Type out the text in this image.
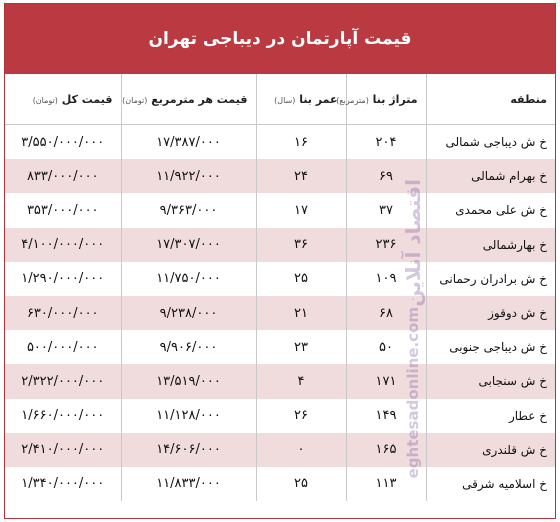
قیمت آپارتمان در دیباجی تهران
منطقه	متراژ بنا (مترمربع)	عمر بنا (سال)	قیمت هر مترمربع (تومان)	قیمت کل (تومان)
خ ش دیباجی شمالی	۲۰۴	۱۶	۱۷/۳۸۷/۰۰۰	۳/۵۵۰/۰۰۰/۰۰۰
خ بهرام شمالی	۶۹	۲۴	۱۱/۹۲۲/۰۰۰	۸۳۳/۰۰۰/۰۰۰
خ ش علی محمدی	۳۷	۱۷	۹/۳۶۳/۰۰۰	۳۵۳/۰۰۰/۰۰۰
خ بهارشمالی	۲۳۶	۳۶	۱۷/۳۰۷/۰۰۰	۴/۱۰۰/۰۰۰/۰۰۰
خ ش برادران رحمانی	۱۰۹	۲۵	۱۱/۷۵۰/۰۰۰	۱/۲۹۰/۰۰۰/۰۰۰
خ ش دوقوز	۶۸	۲۱	۹/۲۳۸/۰۰۰	۶۳۰/۰۰۰/۰۰۰
خ ش دیباجی جنوبی	۵۰	۲۳	۹/۹۰۶/۰۰۰	۵۰۰/۰۰۰/۰۰۰
خ ش سنجابی	۱۷۱	۴	۱۳/۵۱۹/۰۰۰	۲/۳۲۲/۰۰۰/۰۰۰
خ عطار	۱۴۹	۲۶	۱۱/۱۲۸/۰۰۰	۱/۶۶۰/۰۰۰/۰۰۰
خ ش قلندری	۱۶۵	۰	۱۴/۶۰۶/۰۰۰	۲/۴۱۰/۰۰۰/۰۰۰
خ اسلامیه شرقی	۱۱۳	۲۵	۱۱/۸۳۳/۰۰۰	۱/۳۴۰/۰۰۰/۰۰۰
اقتصاد آنلاین
eghtesadonline.com
